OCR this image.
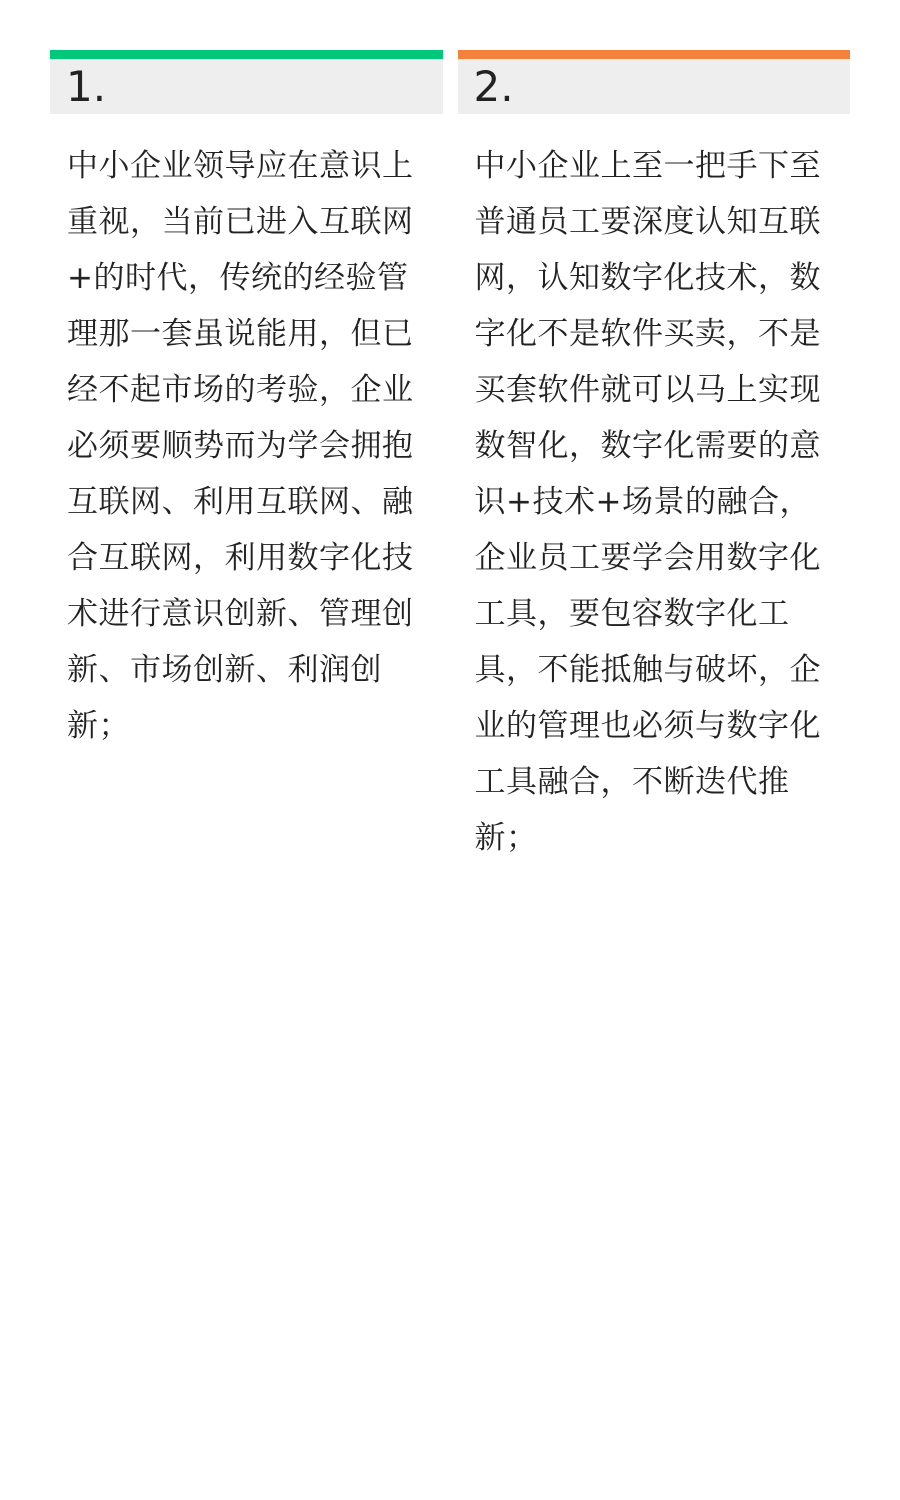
1.
中小企业领导应在意识上重视，当前已进入互联网+的时代，传统的经验管理那一套虽说能用，但已经不起市场的考验，企业必须要顺势而为学会拥抱互联网、利用互联网、融合互联网，利用数字化技术进行意识创新、管理创新、市场创新、利润创新；
2.
中小企业上至一把手下至普通员工要深度认知互联网，认知数字化技术，数字化不是软件买卖，不是买套软件就可以马上实现数智化，数字化需要的意识+技术+场景的融合，企业员工要学会用数字化工具，要包容数字化工具，不能抵触与破坏，企业的管理也必须与数字化工具融合，不断迭代推新；
